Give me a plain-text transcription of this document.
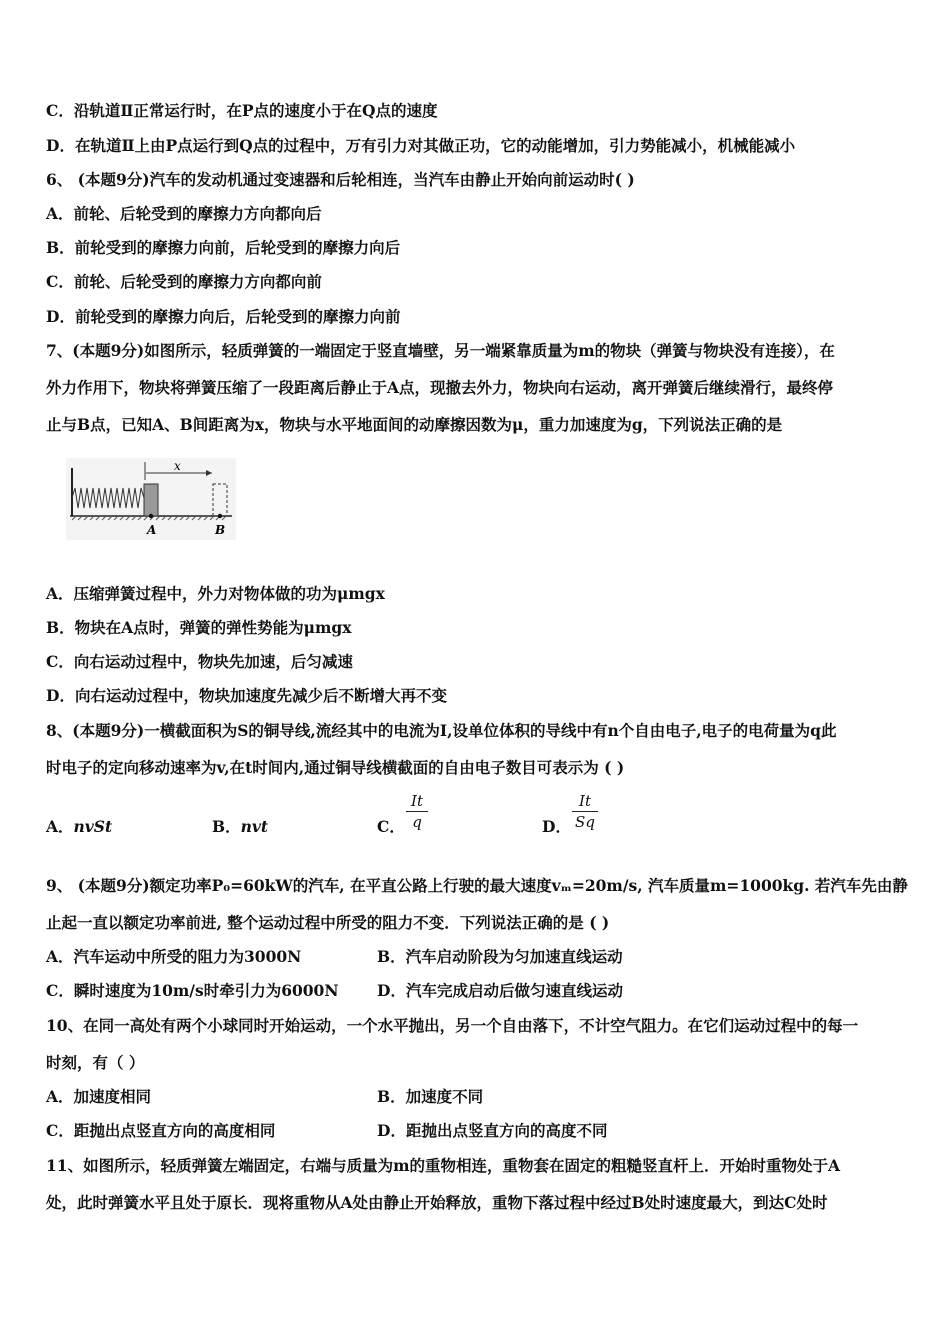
C．沿轨道Ⅱ正常运行时，在P点的速度小于在Q点的速度
D．在轨道Ⅱ上由P点运行到Q点的过程中，万有引力对其做正功，它的动能增加，引力势能减小，机械能减小
6、 (本题9分)汽车的发动机通过变速器和后轮相连，当汽车由静止开始向前运动时( )
A．前轮、后轮受到的摩擦力方向都向后
B．前轮受到的摩擦力向前，后轮受到的摩擦力向后
C．前轮、后轮受到的摩擦力方向都向前
D．前轮受到的摩擦力向后，后轮受到的摩擦力向前
7、(本题9分)如图所示，轻质弹簧的一端固定于竖直墙壁，另一端紧靠质量为m的物块（弹簧与物块没有连接），在
外力作用下，物块将弹簧压缩了一段距离后静止于A点，现撤去外力，物块向右运动，离开弹簧后继续滑行，最终停
止与B点，已知A、B间距离为x，物块与水平地面间的动摩擦因数为μ，重力加速度为g，下列说法正确的是
x
A	B
A．压缩弹簧过程中，外力对物体做的功为μmgx
B．物块在A点时，弹簧的弹性势能为μmgx
C．向右运动过程中，物块先加速，后匀减速
D．向右运动过程中，物块加速度先减少后不断增大再不变
8、(本题9分)一横截面积为S的铜导线,流经其中的电流为I,设单位体积的导线中有n个自由电子,电子的电荷量为q此
时电子的定向移动速率为v,在t时间内,通过铜导线横截面的自由电子数目可表示为 ( )
A．nvSt	B．nvt	C．
It
q	D．
It
Sq
9、 (本题9分)额定功率P₀=60kW的汽车, 在平直公路上行驶的最大速度vₘ=20m/s, 汽车质量m=1000kg. 若汽车先由静
止起一直以额定功率前进, 整个运动过程中所受的阻力不变．下列说法正确的是 ( )
A．汽车运动中所受的阻力为3000N	B．汽车启动阶段为匀加速直线运动
C．瞬时速度为10m/s时牵引力为6000N D．汽车完成启动后做匀速直线运动
10、在同一高处有两个小球同时开始运动，一个水平抛出，另一个自由落下，不计空气阻力。在它们运动过程中的每一
时刻，有（ ）
A．加速度相同	B．加速度不同
C．距抛出点竖直方向的高度相同	D．距抛出点竖直方向的高度不同
11、如图所示，轻质弹簧左端固定，右端与质量为m的重物相连，重物套在固定的粗糙竖直杆上．开始时重物处于A
处，此时弹簧水平且处于原长．现将重物从A处由静止开始释放，重物下落过程中经过B处时速度最大，到达C处时
